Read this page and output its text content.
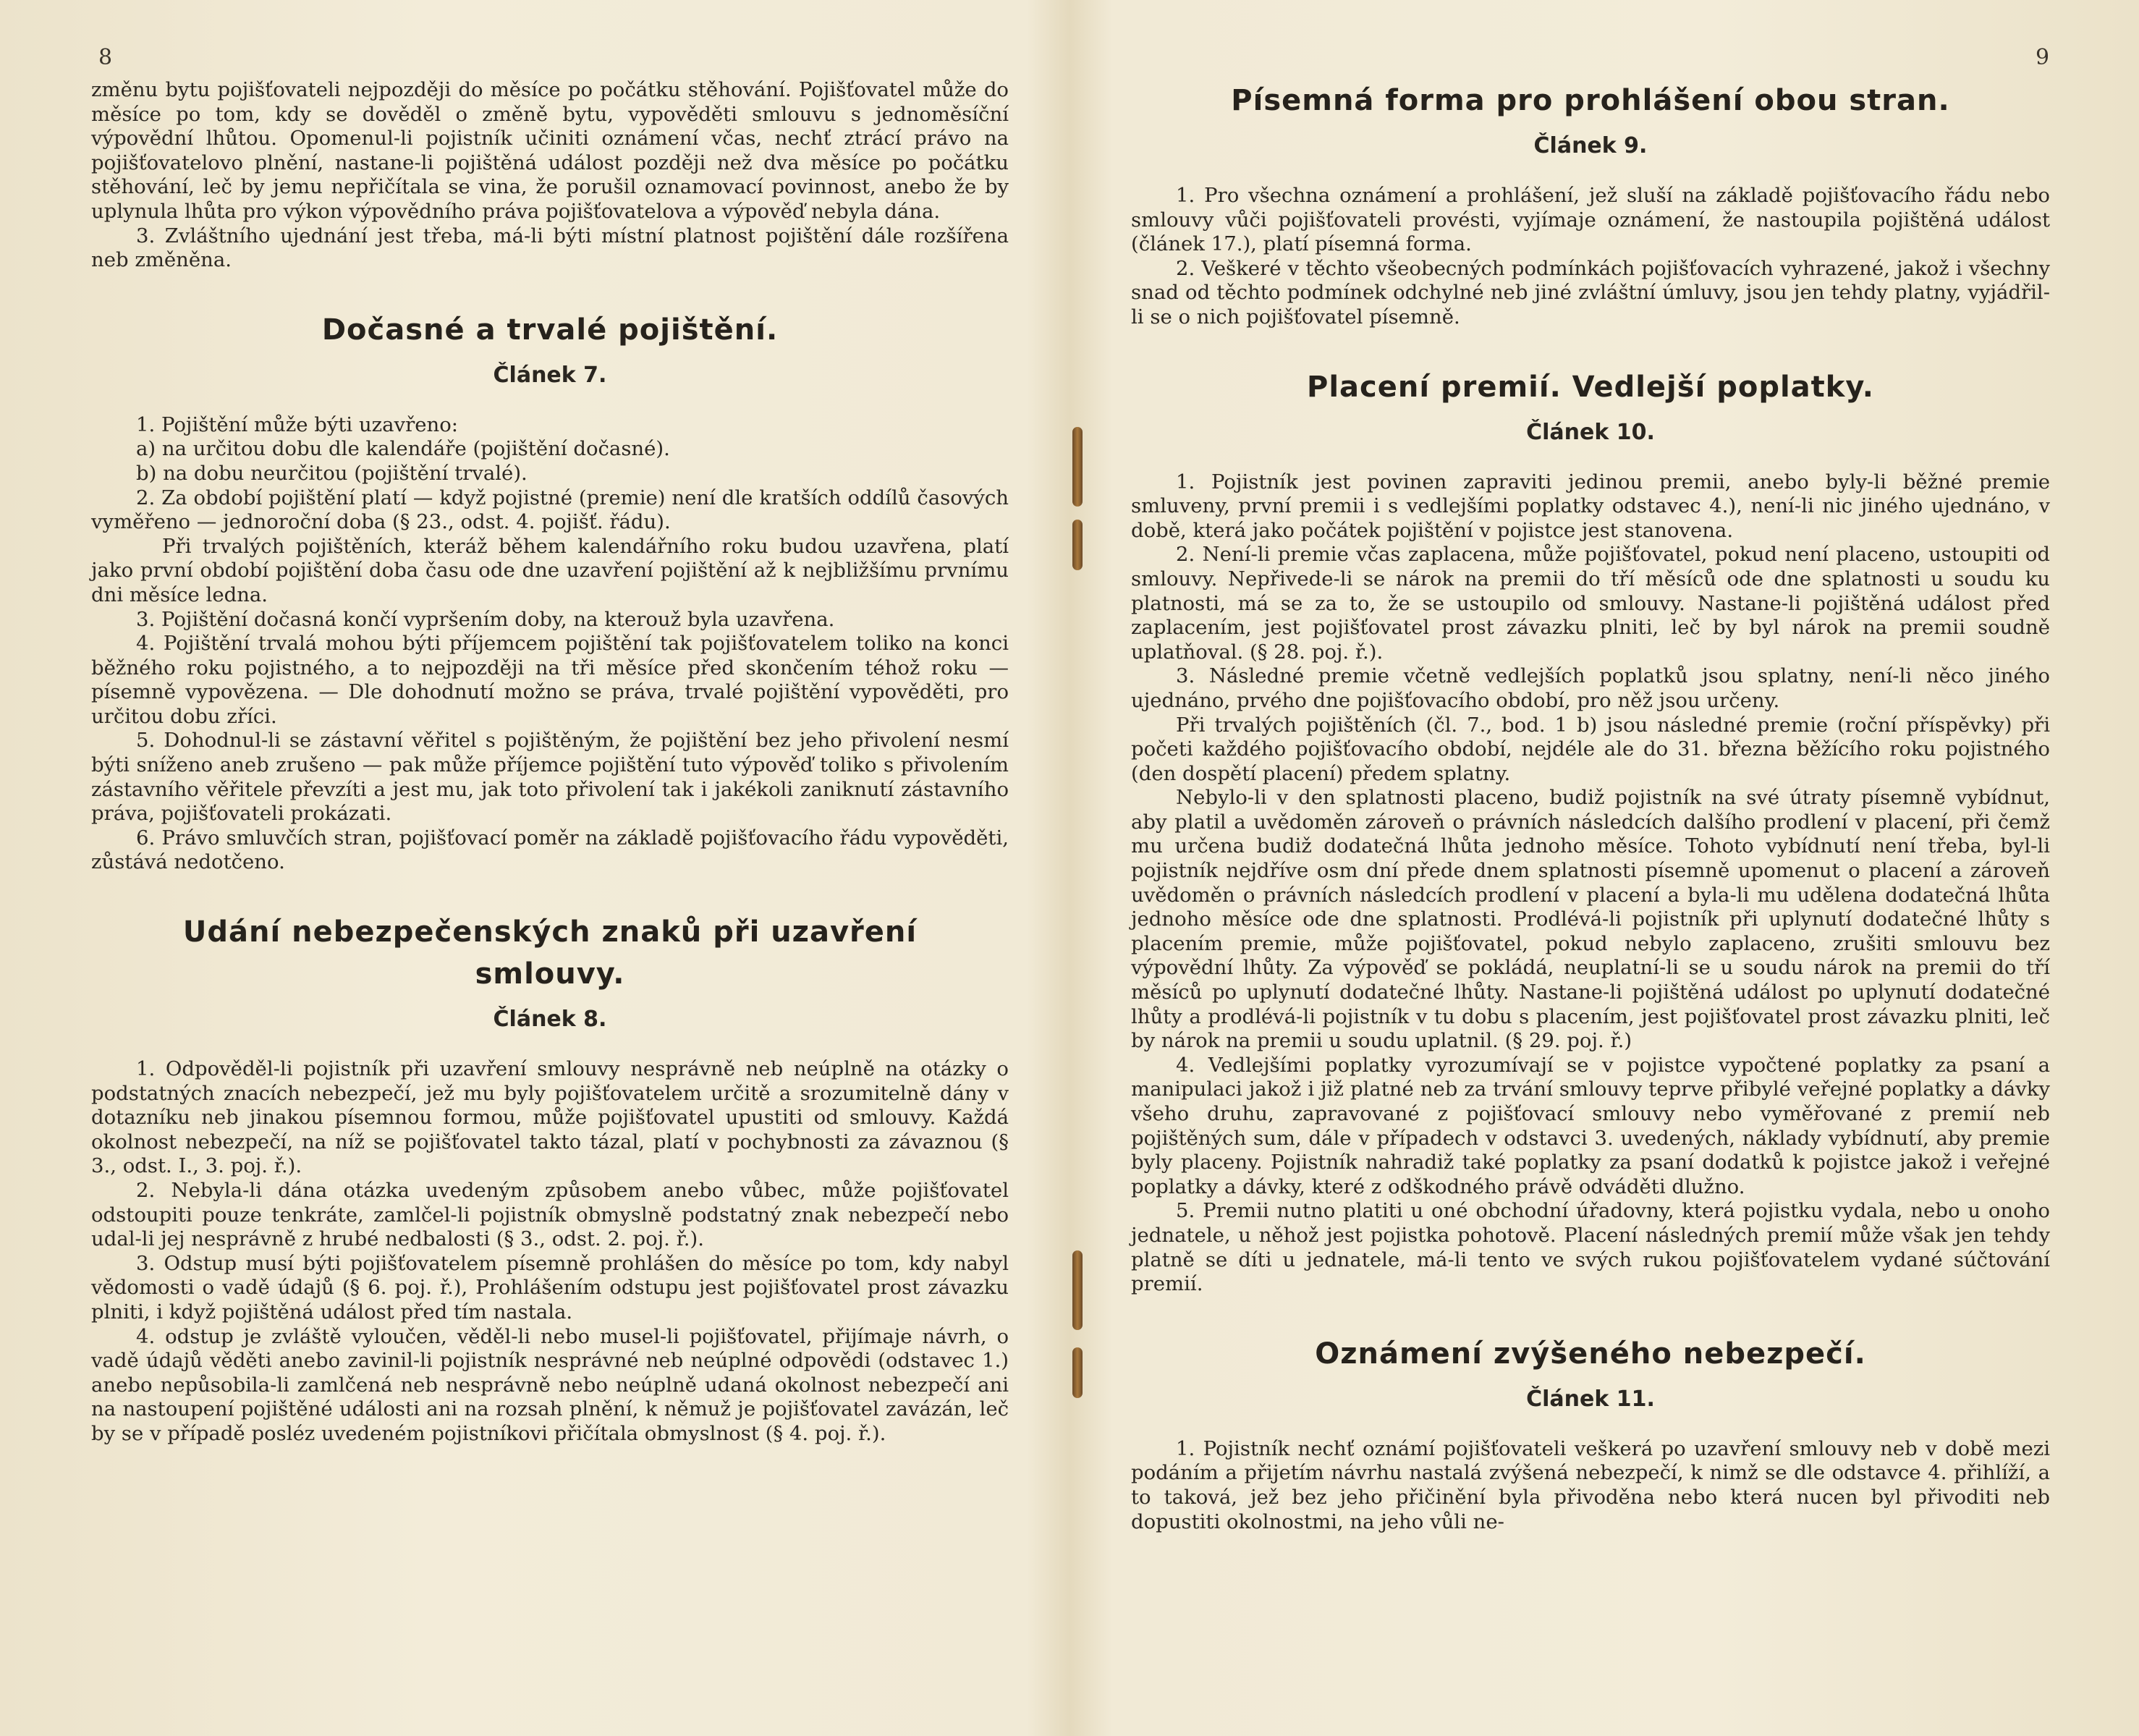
8

změnu bytu pojišťovateli nejpozději do měsíce po počátku stěhování. Pojišťovatel může do měsíce po tom, kdy se dověděl o změně bytu, vypověděti smlouvu s jednoměsíční výpovědní lhůtou. Opomenul-li pojistník učiniti oznámení včas, nechť ztrácí právo na pojišťovatelovo plnění, nastane-li pojištěná událost později než dva měsíce po počátku stěhování, leč by jemu nepřičítala se vina, že porušil oznamovací povinnost, anebo že by uplynula lhůta pro výkon výpovědního práva pojišťovatelova a výpověď nebyla dána.

3. Zvláštního ujednání jest třeba, má-li býti místní platnost pojištění dále rozšířena neb změněna.

Dočasné a trvalé pojištění.
Článek 7.

1. Pojištění může býti uzavřeno:

a) na určitou dobu dle kalendáře (pojištění dočasné).

b) na dobu neurčitou (pojištění trvalé).

2. Za období pojištění platí — když pojistné (premie) není dle kratších oddílů časových vyměřeno — jednoroční doba (§ 23., odst. 4. pojišť. řádu).

Při trvalých pojištěních, kteráž během kalendářního roku budou uzavřena, platí jako první období pojištění doba času ode dne uzavření pojištění až k nejbližšímu prvnímu dni měsíce ledna.

3. Pojištění dočasná končí vypršením doby, na kterouž byla uzavřena.

4. Pojištění trvalá mohou býti příjemcem pojištění tak pojišťovatelem toliko na konci běžného roku pojistného, a to nejpozději na tři měsíce před skončením téhož roku — písemně vypovězena. — Dle dohodnutí možno se práva, trvalé pojištění vypověděti, pro určitou dobu zříci.

5. Dohodnul-li se zástavní věřitel s pojištěným, že pojištění bez jeho přivolení nesmí býti sníženo aneb zrušeno — pak může příjemce pojištění tuto výpověď toliko s přivolením zástavního věřitele převzíti a jest mu, jak toto přivolení tak i jakékoli zaniknutí zástavního práva, pojišťovateli prokázati.

6. Právo smluvčích stran, pojišťovací poměr na základě pojišťovacího řádu vypověděti, zůstává nedotčeno.

Udání nebezpečenských znaků při uzavření smlouvy.
Článek 8.

1. Odpověděl-li pojistník při uzavření smlouvy nesprávně neb neúplně na otázky o podstatných znacích nebezpečí, jež mu byly pojišťovatelem určitě a srozumitelně dány v dotazníku neb jinakou písemnou formou, může pojišťovatel upustiti od smlouvy. Každá okolnost nebezpečí, na níž se pojišťovatel takto tázal, platí v pochybnosti za závaznou (§ 3., odst. I., 3. poj. ř.).

2. Nebyla-li dána otázka uvedeným způsobem anebo vůbec, může pojišťovatel odstoupiti pouze tenkráte, zamlčel-li pojistník obmyslně podstatný znak nebezpečí nebo udal-li jej nesprávně z hrubé nedbalosti (§ 3., odst. 2. poj. ř.).

3. Odstup musí býti pojišťovatelem písemně prohlášen do měsíce po tom, kdy nabyl vědomosti o vadě údajů (§ 6. poj. ř.), Prohlášením odstupu jest pojišťovatel prost závazku plniti, i když pojištěná událost před tím nastala.

4. odstup je zvláště vyloučen, věděl-li nebo musel-li pojišťovatel, přijímaje návrh, o vadě údajů věděti anebo zavinil-li pojistník nesprávné neb neúplné odpovědi (odstavec 1.) anebo nepůsobila-li zamlčená neb nesprávně nebo neúplně udaná okolnost nebezpečí ani na nastoupení pojištěné události ani na rozsah plnění, k němuž je pojišťovatel zavázán, leč by se v případě posléz uvedeném pojistníkovi přičítala obmyslnost (§ 4. poj. ř.).

9
Písemná forma pro prohlášení obou stran.
Článek 9.

1. Pro všechna oznámení a prohlášení, jež sluší na základě pojišťovacího řádu nebo smlouvy vůči pojišťovateli provésti, vyjímaje oznámení, že nastoupila pojištěná událost (článek 17.), platí písemná forma.

2. Veškeré v těchto všeobecných podmínkách pojišťovacích vyhrazené, jakož i všechny snad od těchto podmínek odchylné neb jiné zvláštní úmluvy, jsou jen tehdy platny, vyjádřil-li se o nich pojišťovatel písemně.

Placení premií. Vedlejší poplatky.
Článek 10.

1. Pojistník jest povinen zapraviti jedinou premii, anebo byly-li běžné premie smluveny, první premii i s vedlejšími poplatky odstavec 4.), není-li nic jiného ujednáno, v době, která jako počátek pojištění v pojistce jest stanovena.

2. Není-li premie včas zaplacena, může pojišťovatel, pokud není placeno, ustoupiti od smlouvy. Nepřivede-li se nárok na premii do tří měsíců ode dne splatnosti u soudu ku platnosti, má se za to, že se ustoupilo od smlouvy. Nastane-li pojištěná událost před zaplacením, jest pojišťovatel prost závazku plniti, leč by byl nárok na premii soudně uplatňoval. (§ 28. poj. ř.).

3. Následné premie včetně vedlejších poplatků jsou splatny, není-li něco jiného ujednáno, prvého dne pojišťovacího období, pro něž jsou určeny.

Při trvalých pojištěních (čl. 7., bod. 1 b) jsou následné premie (roční příspěvky) při početi každého pojišťovacího období, nejdéle ale do 31. března běžícího roku pojistného (den dospětí placení) předem splatny.

Nebylo-li v den splatnosti placeno, budiž pojistník na své útraty písemně vybídnut, aby platil a uvědoměn zároveň o právních následcích dalšího prodlení v placení, při čemž mu určena budiž dodatečná lhůta jednoho měsíce. Tohoto vybídnutí není třeba, byl-li pojistník nejdříve osm dní přede dnem splatnosti písemně upomenut o placení a zároveň uvědoměn o právních následcích prodlení v placení a byla-li mu udělena dodatečná lhůta jednoho měsíce ode dne splatnosti. Prodlévá-li pojistník při uplynutí dodatečné lhůty s placením premie, může pojišťovatel, pokud nebylo zaplaceno, zrušiti smlouvu bez výpovědní lhůty. Za výpověď se pokládá, neuplatní-li se u soudu nárok na premii do tří měsíců po uplynutí dodatečné lhůty. Nastane-li pojištěná událost po uplynutí dodatečné lhůty a prodlévá-li pojistník v tu dobu s placením, jest pojišťovatel prost závazku plniti, leč by nárok na premii u soudu uplatnil. (§ 29. poj. ř.)

4. Vedlejšími poplatky vyrozumívají se v pojistce vypočtené poplatky za psaní a manipulaci jakož i již platné neb za trvání smlouvy teprve přibylé veřejné poplatky a dávky všeho druhu, zapravované z pojišťovací smlouvy nebo vyměřované z premií neb pojištěných sum, dále v případech v odstavci 3. uvedených, náklady vybídnutí, aby premie byly placeny. Pojistník nahradiž také poplatky za psaní dodatků k pojistce jakož i veřejné poplatky a dávky, které z odškodného právě odváděti dlužno.

5. Premii nutno platiti u oné obchodní úřadovny, která pojistku vydala, nebo u onoho jednatele, u něhož jest pojistka pohotově. Placení následných premií může však jen tehdy platně se díti u jednatele, má-li tento ve svých rukou pojišťovatelem vydané súčtování premií.

Oznámení zvýšeného nebezpečí.
Článek 11.

1. Pojistník nechť oznámí pojišťovateli veškerá po uzavření smlouvy neb v době mezi podáním a přijetím návrhu nastalá zvýšená nebezpečí, k nimž se dle odstavce 4. přihlíží, a to taková, jež bez jeho přičinění byla přivoděna nebo která nucen byl přivoditi neb dopustiti okolnostmi, na jeho vůli ne-
